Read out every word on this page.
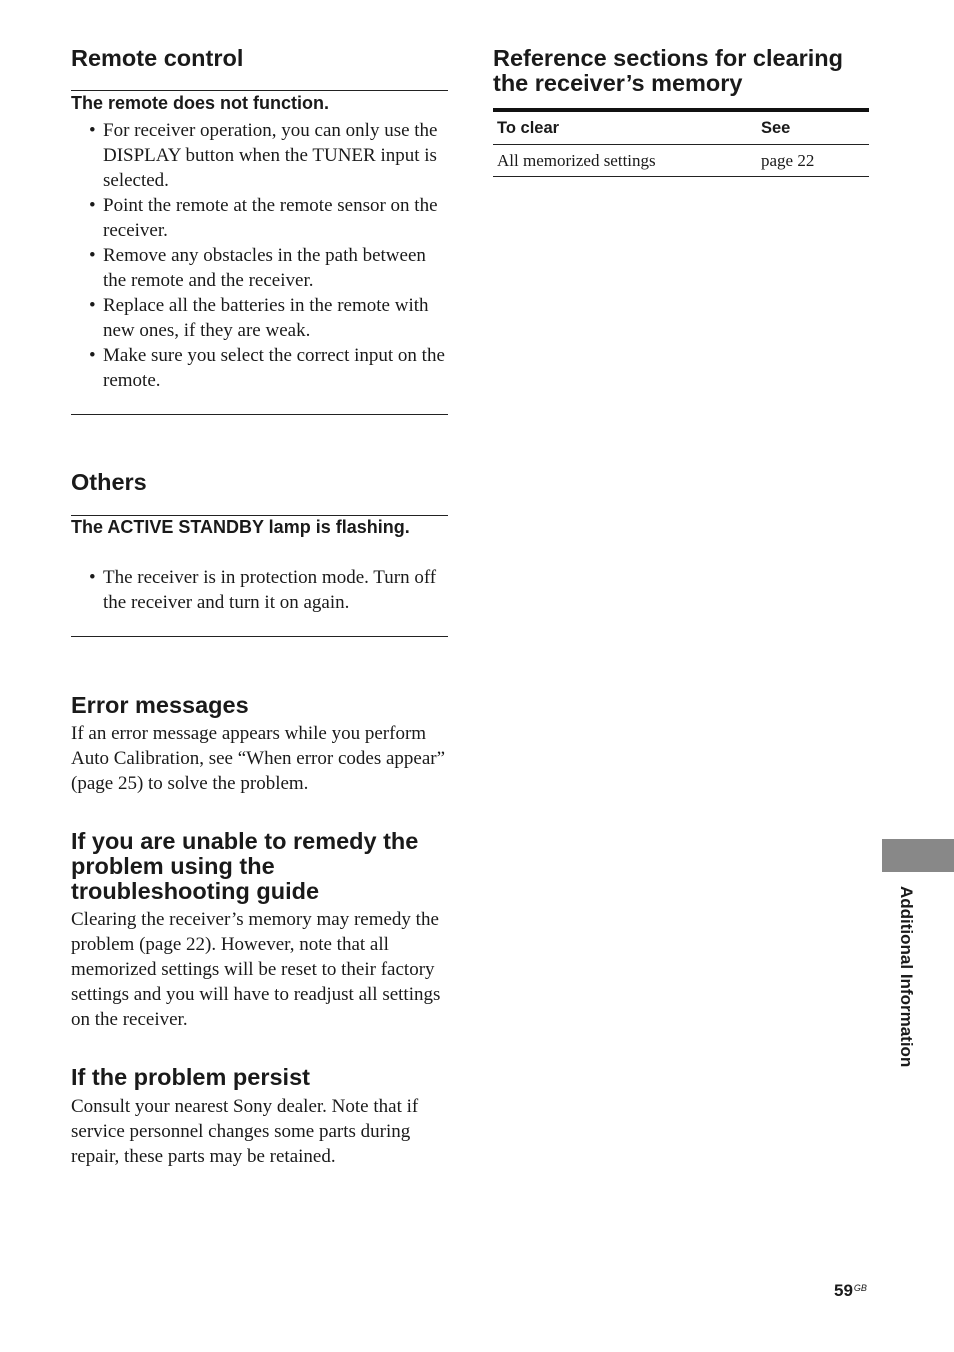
Remote control
The remote does not function.
• For receiver operation, you can only use the DISPLAY button when the TUNER input is selected.
• Point the remote at the remote sensor on the receiver.
• Remove any obstacles in the path between the remote and the receiver.
• Replace all the batteries in the remote with new ones, if they are weak.
• Make sure you select the correct input on the remote.
Others
The ACTIVE STANDBY lamp is flashing.
• The receiver is in protection mode. Turn off the receiver and turn it on again.
Error messages

If an error message appears while you perform Auto Calibration, see “When error codes appear” (page 25) to solve the problem.

If you are unable to remedy the problem using the troubleshooting guide

Clearing the receiver’s memory may remedy the problem (page 22). However, note that all memorized settings will be reset to their factory settings and you will have to readjust all settings on the receiver.

If the problem persist

Consult your nearest Sony dealer. Note that if service personnel changes some parts during repair, these parts may be retained.

Reference sections for clearing the receiver’s memory
To clear	See
All memorized settings	page 22
Additional Information
$59^{GB}$
